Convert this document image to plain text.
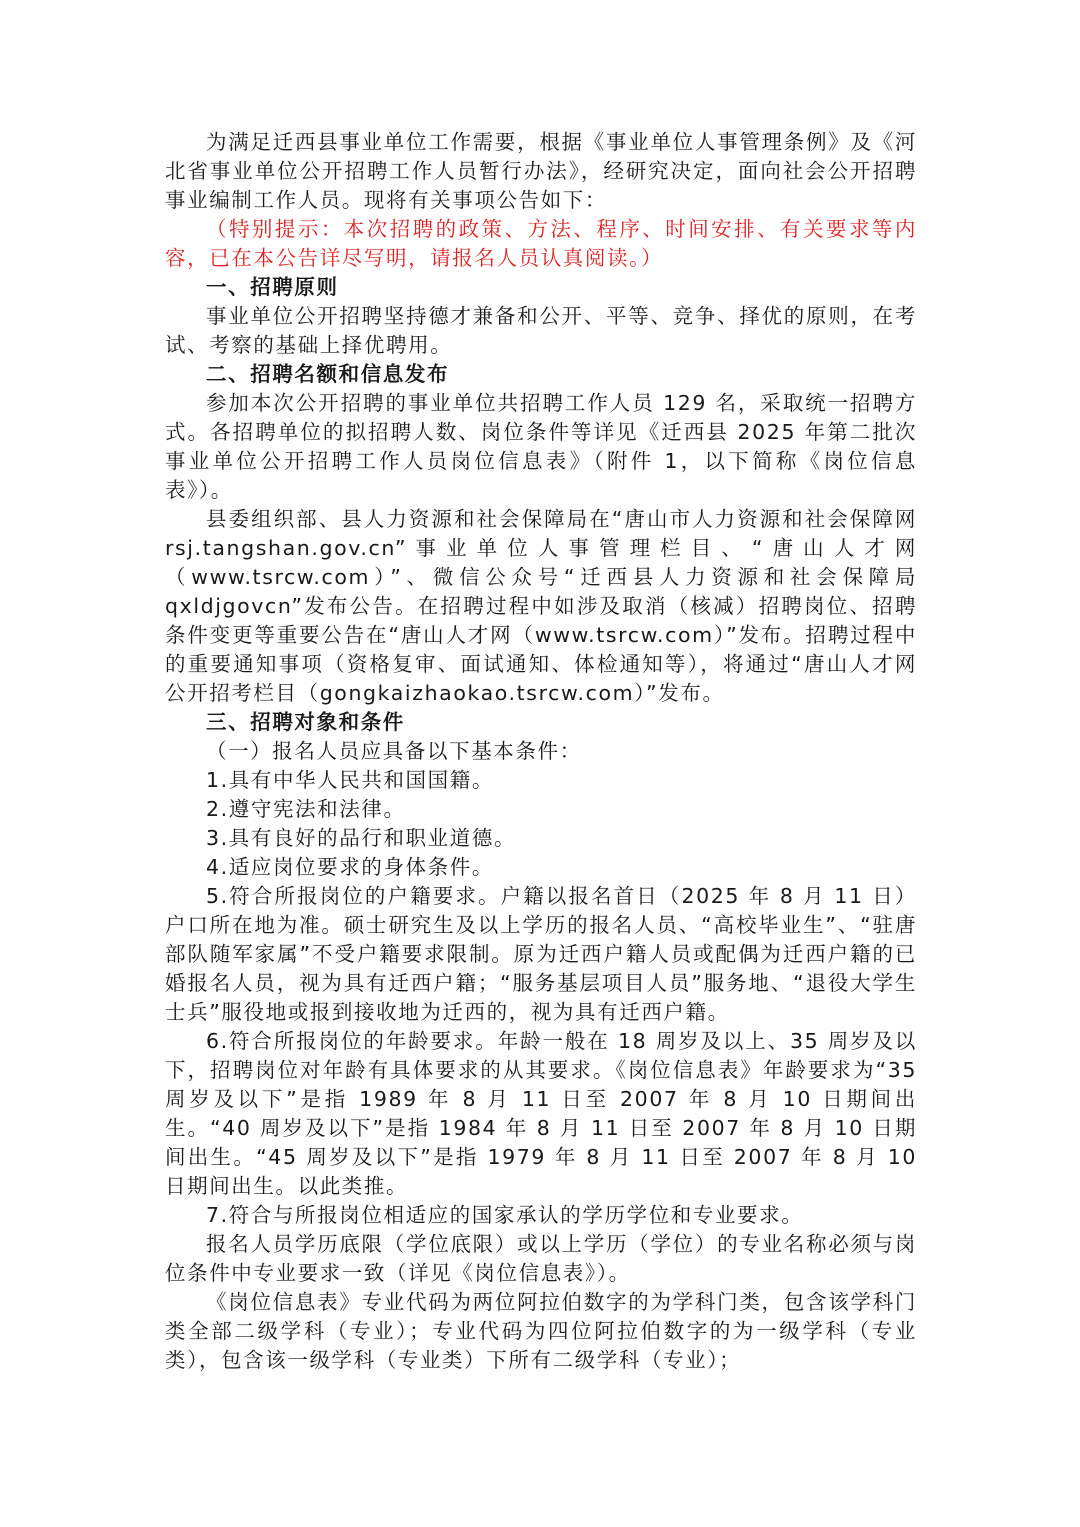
为满足迁西县事业单位工作需要，根据《事业单位人事管理条例》及《河北省事业单位公开招聘工作人员暂行办法》，经研究决定，面向社会公开招聘事业编制工作人员。现将有关事项公告如下：

（特别提示：本次招聘的政策、方法、程序、时间安排、有关要求等内容，已在本公告详尽写明，请报名人员认真阅读。）

一、招聘原则

事业单位公开招聘坚持德才兼备和公开、平等、竞争、择优的原则，在考试、考察的基础上择优聘用。

二、招聘名额和信息发布

参加本次公开招聘的事业单位共招聘工作人员 129 名，采取统一招聘方式。各招聘单位的拟招聘人数、岗位条件等详见《迁西县 2025 年第二批次事业单位公开招聘工作人员岗位信息表》（附件 1，以下简称《岗位信息表》）。

县委组织部、县人力资源和社会保障局在“唐山市人力资源和社会保障网 rsj.tangshan.gov.cn”事业单位人事管理栏目、“唐山人才网（www.tsrcw.com）”、微信公众号“迁西县人力资源和社会保障局 qxldjgovcn”发布公告。在招聘过程中如涉及取消（核减）招聘岗位、招聘条件变更等重要公告在“唐山人才网（www.tsrcw.com）”发布。招聘过程中的重要通知事项（资格复审、面试通知、体检通知等），将通过“唐山人才网公开招考栏目（gongkaizhaokao.tsrcw.com）”发布。

三、招聘对象和条件

（一）报名人员应具备以下基本条件：

1.具有中华人民共和国国籍。

2.遵守宪法和法律。

3.具有良好的品行和职业道德。

4.适应岗位要求的身体条件。

5.符合所报岗位的户籍要求。户籍以报名首日（2025 年 8 月 11 日）户口所在地为准。硕士研究生及以上学历的报名人员、“高校毕业生”、“驻唐部队随军家属”不受户籍要求限制。原为迁西户籍人员或配偶为迁西户籍的已婚报名人员，视为具有迁西户籍；“服务基层项目人员”服务地、“退役大学生士兵”服役地或报到接收地为迁西的，视为具有迁西户籍。

6.符合所报岗位的年龄要求。年龄一般在 18 周岁及以上、35 周岁及以下，招聘岗位对年龄有具体要求的从其要求。《岗位信息表》年龄要求为“35 周岁及以下”是指 1989 年 8 月 11 日至 2007 年 8 月 10 日期间出生。“40 周岁及以下”是指 1984 年 8 月 11 日至 2007 年 8 月 10 日期间出生。“45 周岁及以下”是指 1979 年 8 月 11 日至 2007 年 8 月 10 日期间出生。以此类推。

7.符合与所报岗位相适应的国家承认的学历学位和专业要求。

报名人员学历底限（学位底限）或以上学历（学位）的专业名称必须与岗位条件中专业要求一致（详见《岗位信息表》）。

《岗位信息表》专业代码为两位阿拉伯数字的为学科门类，包含该学科门类全部二级学科（专业）；专业代码为四位阿拉伯数字的为一级学科（专业类），包含该一级学科（专业类）下所有二级学科（专业）；
